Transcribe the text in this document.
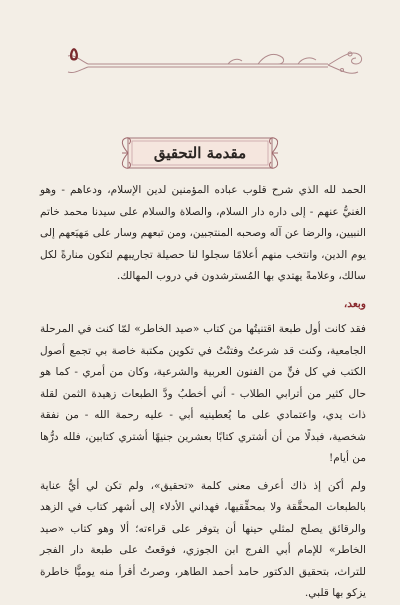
٥
مقدمة التحقيق

الحمد لله الذي شرح قلوب عباده المؤمنين لدين الإسلام، ودعاهم - وهو الغنيُّ عنهم - إلى داره دار السلام، والصلاة والسلام على سيدنا محمد خاتم النبيين، والرضا عن آله وصحبه المنتجبين، ومن تبعهم وسار على مَهيَعهم إلى يوم الدين، وانتخب منهم أعلامًا سجلوا لنا حصيلة تجاريبهم لتكون منارةً لكل سالك، وعلامةً يهتدي بها المُسترشدون في دروب المهالك.

وبعد،

فقد كانت أول طبعة اقتنيتُها من كتاب «صيد الخاطر» لمّا كنت في المرحلة الجامعية، وكنت قد شرعتُ وفتنْتُ في تكوين مكتبة خاصة بي تجمع أصول الكتب في كل فنٍّ من الفنون العربية والشرعية، وكان من أمري - كما هو حال كثير من أترابي الطلاب - أني أخطبُ ودَّ الطبعات زهيدة الثمن لقلة ذات يدي، واعتمادي على ما يُعطينيه أبي - عليه رحمة الله - من نفقة شخصية، فبدلًا من أن أشتري كتابًا بعشرين جنيهًا أشتري كتابين، فلله درُّها من أيام!

ولم أكن إذ ذاك أعرف معنى كلمة «تحقيق»، ولم تكن لي أيُّ عناية بالطبعات المحقَّقة ولا بمحقِّقيها، فهداني الأدلاء إلى أشهر كتاب في الزهد والرقائق يصلح لمثلي حينها أن يتوفر على قراءته؛ ألا وهو كتاب «صيد الخاطر» للإمام أبي الفرج ابن الجوزي، فوقعتُ على طبعة دار الفجر للتراث، بتحقيق الدكتور حامد أحمد الطاهر، وصرتُ أقرأ منه يوميًّا خاطرة يزكو بها قلبي.
